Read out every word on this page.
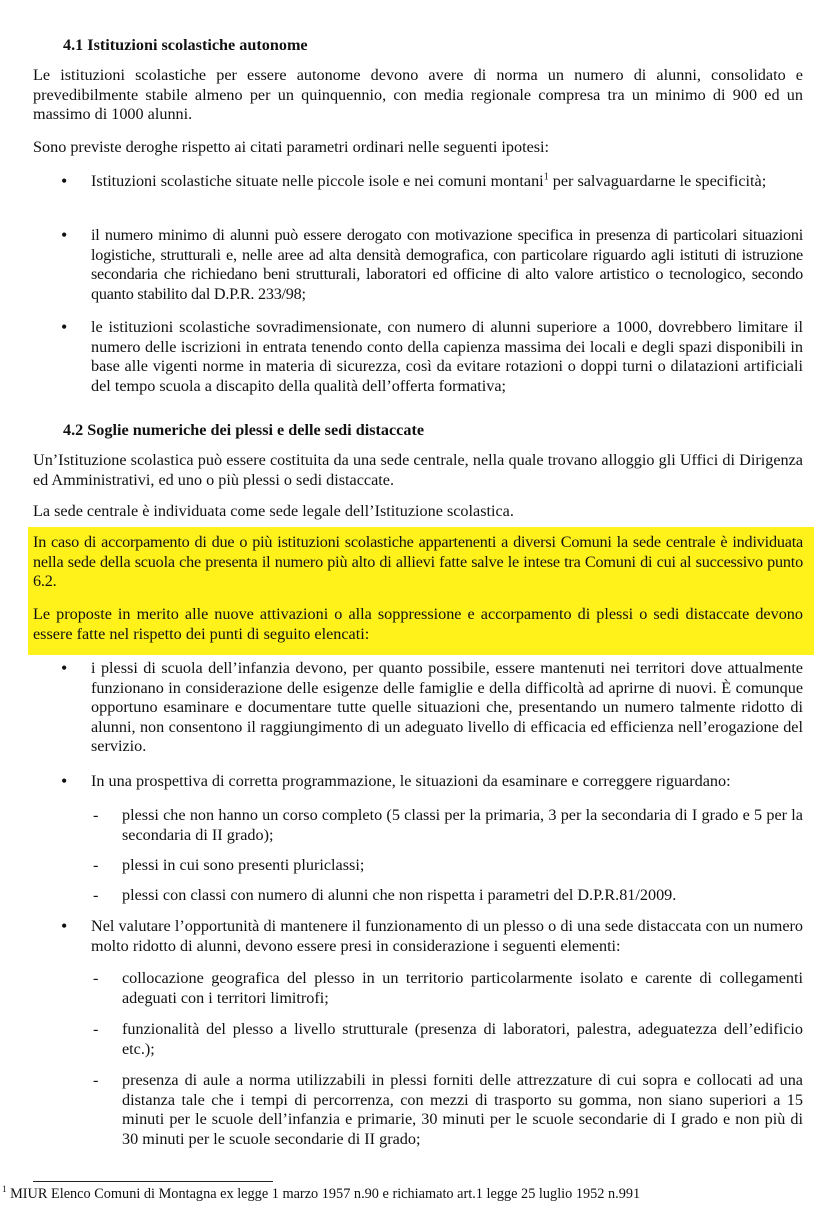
4.1 Istituzioni scolastiche autonome

Le istituzioni scolastiche per essere autonome devono avere di norma un numero di alunni, consolidato e prevedibilmente stabile almeno per un quinquennio, con media regionale compresa tra un minimo di 900 ed un massimo di 1000 alunni.

Sono previste deroghe rispetto ai citati parametri ordinari nelle seguenti ipotesi:

• Istituzioni scolastiche situate nelle piccole isole e nei comuni montani$^1$ per salvaguardarne le specificità;
• il numero minimo di alunni può essere derogato con motivazione specifica in presenza di particolari situazioni logistiche, strutturali e, nelle aree ad alta densità demografica, con particolare riguardo agli istituti di istruzione secondaria che richiedano beni strutturali, laboratori ed officine di alto valore artistico o tecnologico, secondo quanto stabilito dal D.P.R. 233/98;
• le istituzioni scolastiche sovradimensionate, con numero di alunni superiore a 1000, dovrebbero limitare il numero delle iscrizioni in entrata tenendo conto della capienza massima dei locali e degli spazi disponibili in base alle vigenti norme in materia di sicurezza, così da evitare rotazioni o doppi turni o dilatazioni artificiali del tempo scuola a discapito della qualità dell’offerta formativa;
4.2 Soglie numeriche dei plessi e delle sedi distaccate

Un’Istituzione scolastica può essere costituita da una sede centrale, nella quale trovano alloggio gli Uffici di Dirigenza ed Amministrativi, ed uno o più plessi o sedi distaccate.

La sede centrale è individuata come sede legale dell’Istituzione scolastica.

In caso di accorpamento di due o più istituzioni scolastiche appartenenti a diversi Comuni la sede centrale è individuata nella sede della scuola che presenta il numero più alto di allievi fatte salve le intese tra Comuni di cui al successivo punto 6.2.

Le proposte in merito alle nuove attivazioni o alla soppressione e accorpamento di plessi o sedi distaccate devono essere fatte nel rispetto dei punti di seguito elencati:

• i plessi di scuola dell’infanzia devono, per quanto possibile, essere mantenuti nei territori dove attualmente funzionano in considerazione delle esigenze delle famiglie e della difficoltà ad aprirne di nuovi. È comunque opportuno esaminare e documentare tutte quelle situazioni che, presentando un numero talmente ridotto di alunni, non consentono il raggiungimento di un adeguato livello di efficacia ed efficienza nell’erogazione del servizio.
• In una prospettiva di corretta programmazione, le situazioni da esaminare e correggere riguardano:
- plessi che non hanno un corso completo (5 classi per la primaria, 3 per la secondaria di I grado e 5 per la secondaria di II grado);
- plessi in cui sono presenti pluriclassi;
- plessi con classi con numero di alunni che non rispetta i parametri del D.P.R.81/2009.
• Nel valutare l’opportunità di mantenere il funzionamento di un plesso o di una sede distaccata con un numero molto ridotto di alunni, devono essere presi in considerazione i seguenti elementi:
- collocazione geografica del plesso in un territorio particolarmente isolato e carente di collegamenti adeguati con i territori limitrofi;
- funzionalità del plesso a livello strutturale (presenza di laboratori, palestra, adeguatezza dell’edificio etc.);
- presenza di aule a norma utilizzabili in plessi forniti delle attrezzature di cui sopra e collocati ad una distanza tale che i tempi di percorrenza, con mezzi di trasporto su gomma, non siano superiori a 15 minuti per le scuole dell’infanzia e primarie, 30 minuti per le scuole secondarie di I grado e non più di 30 minuti per le scuole secondarie di II grado;
$^1$ MIUR Elenco Comuni di Montagna ex legge 1 marzo 1957 n.90 e richiamato art.1 legge 25 luglio 1952 n.991
